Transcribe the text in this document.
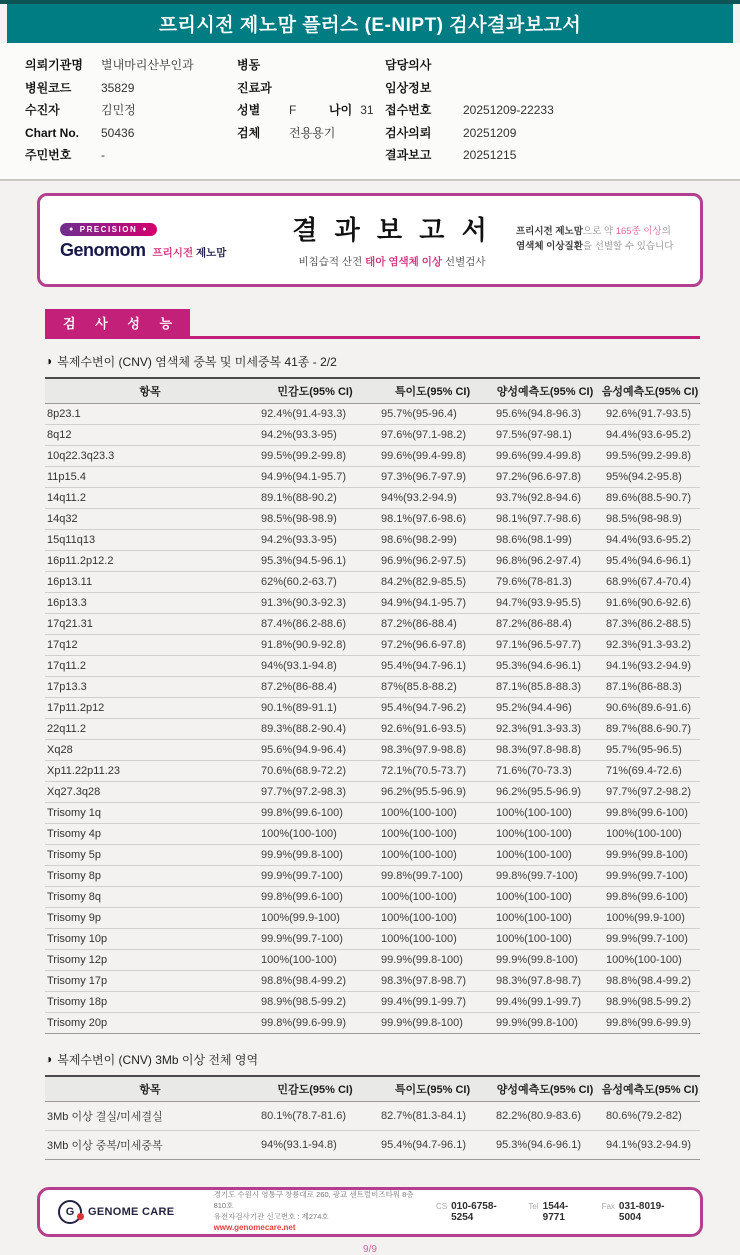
프리시전 제노맘 플러스 (E-NIPT) 검사결과보고서
의뢰기관명	별내마리산부인과
병원코드	35829
수진자	김민정
Chart No.	50436
주민번호	-
병동
진료과
성별	F	나이 31
검체	전용용기
담당의사
임상정보
접수번호	20251209-22233
검사의뢰	20251209
결과보고	20251215
● PRECISION ●
Genomom 프리시전 제노맘
결 과 보 고 서
비침습적 산전 태아 염색체 이상 선별검사
프리시전 제노맘으로 약 165종 이상의
염색체 이상질환을 선별할 수 있습니다
검 사 성 능
◑ 복제수변이 (CNV) 염색체 중복 및 미세중복 41종 - 2/2
항목	민감도(95% CI)	특이도(95% CI)	양성예측도(95% CI)	음성예측도(95% CI)
8p23.1	92.4%(91.4-93.3)	95.7%(95-96.4)	95.6%(94.8-96.3)	92.6%(91.7-93.5)
8q12	94.2%(93.3-95)	97.6%(97.1-98.2)	97.5%(97-98.1)	94.4%(93.6-95.2)
10q22.3q23.3	99.5%(99.2-99.8)	99.6%(99.4-99.8)	99.6%(99.4-99.8)	99.5%(99.2-99.8)
11p15.4	94.9%(94.1-95.7)	97.3%(96.7-97.9)	97.2%(96.6-97.8)	95%(94.2-95.8)
14q11.2	89.1%(88-90.2)	94%(93.2-94.9)	93.7%(92.8-94.6)	89.6%(88.5-90.7)
14q32	98.5%(98-98.9)	98.1%(97.6-98.6)	98.1%(97.7-98.6)	98.5%(98-98.9)
15q11q13	94.2%(93.3-95)	98.6%(98.2-99)	98.6%(98.1-99)	94.4%(93.6-95.2)
16p11.2p12.2	95.3%(94.5-96.1)	96.9%(96.2-97.5)	96.8%(96.2-97.4)	95.4%(94.6-96.1)
16p13.11	62%(60.2-63.7)	84.2%(82.9-85.5)	79.6%(78-81.3)	68.9%(67.4-70.4)
16p13.3	91.3%(90.3-92.3)	94.9%(94.1-95.7)	94.7%(93.9-95.5)	91.6%(90.6-92.6)
17q21.31	87.4%(86.2-88.6)	87.2%(86-88.4)	87.2%(86-88.4)	87.3%(86.2-88.5)
17q12	91.8%(90.9-92.8)	97.2%(96.6-97.8)	97.1%(96.5-97.7)	92.3%(91.3-93.2)
17q11.2	94%(93.1-94.8)	95.4%(94.7-96.1)	95.3%(94.6-96.1)	94.1%(93.2-94.9)
17p13.3	87.2%(86-88.4)	87%(85.8-88.2)	87.1%(85.8-88.3)	87.1%(86-88.3)
17p11.2p12	90.1%(89-91.1)	95.4%(94.7-96.2)	95.2%(94.4-96)	90.6%(89.6-91.6)
22q11.2	89.3%(88.2-90.4)	92.6%(91.6-93.5)	92.3%(91.3-93.3)	89.7%(88.6-90.7)
Xq28	95.6%(94.9-96.4)	98.3%(97.9-98.8)	98.3%(97.8-98.8)	95.7%(95-96.5)
Xp11.22p11.23	70.6%(68.9-72.2)	72.1%(70.5-73.7)	71.6%(70-73.3)	71%(69.4-72.6)
Xq27.3q28	97.7%(97.2-98.3)	96.2%(95.5-96.9)	96.2%(95.5-96.9)	97.7%(97.2-98.2)
Trisomy 1q	99.8%(99.6-100)	100%(100-100)	100%(100-100)	99.8%(99.6-100)
Trisomy 4p	100%(100-100)	100%(100-100)	100%(100-100)	100%(100-100)
Trisomy 5p	99.9%(99.8-100)	100%(100-100)	100%(100-100)	99.9%(99.8-100)
Trisomy 8p	99.9%(99.7-100)	99.8%(99.7-100)	99.8%(99.7-100)	99.9%(99.7-100)
Trisomy 8q	99.8%(99.6-100)	100%(100-100)	100%(100-100)	99.8%(99.6-100)
Trisomy 9p	100%(99.9-100)	100%(100-100)	100%(100-100)	100%(99.9-100)
Trisomy 10p	99.9%(99.7-100)	100%(100-100)	100%(100-100)	99.9%(99.7-100)
Trisomy 12p	100%(100-100)	99.9%(99.8-100)	99.9%(99.8-100)	100%(100-100)
Trisomy 17p	98.8%(98.4-99.2)	98.3%(97.8-98.7)	98.3%(97.8-98.7)	98.8%(98.4-99.2)
Trisomy 18p	98.9%(98.5-99.2)	99.4%(99.1-99.7)	99.4%(99.1-99.7)	98.9%(98.5-99.2)
Trisomy 20p	99.8%(99.6-99.9)	99.9%(99.8-100)	99.9%(99.8-100)	99.8%(99.6-99.9)
◑ 복제수변이 (CNV) 3Mb 이상 전체 영역
항목	민감도(95% CI)	특이도(95% CI)	양성예측도(95% CI)	음성예측도(95% CI)
3Mb 이상 결실/미세결실	80.1%(78.7-81.6)	82.7%(81.3-84.1)	82.2%(80.9-83.6)	80.6%(79.2-82)
3Mb 이상 중복/미세중복	94%(93.1-94.8)	95.4%(94.7-96.1)	95.3%(94.6-96.1)	94.1%(93.2-94.9)
G GENOME CARE
경기도 수원시 영통구 창룡대로 260, 광교 센트럴비즈타워 8층 810호
유전자검사기관 신고번호 : 제274호
www.genomecare.net
CS 010-6758-5254
Tel 1544-9771
Fax 031-8019-5004
9/9
